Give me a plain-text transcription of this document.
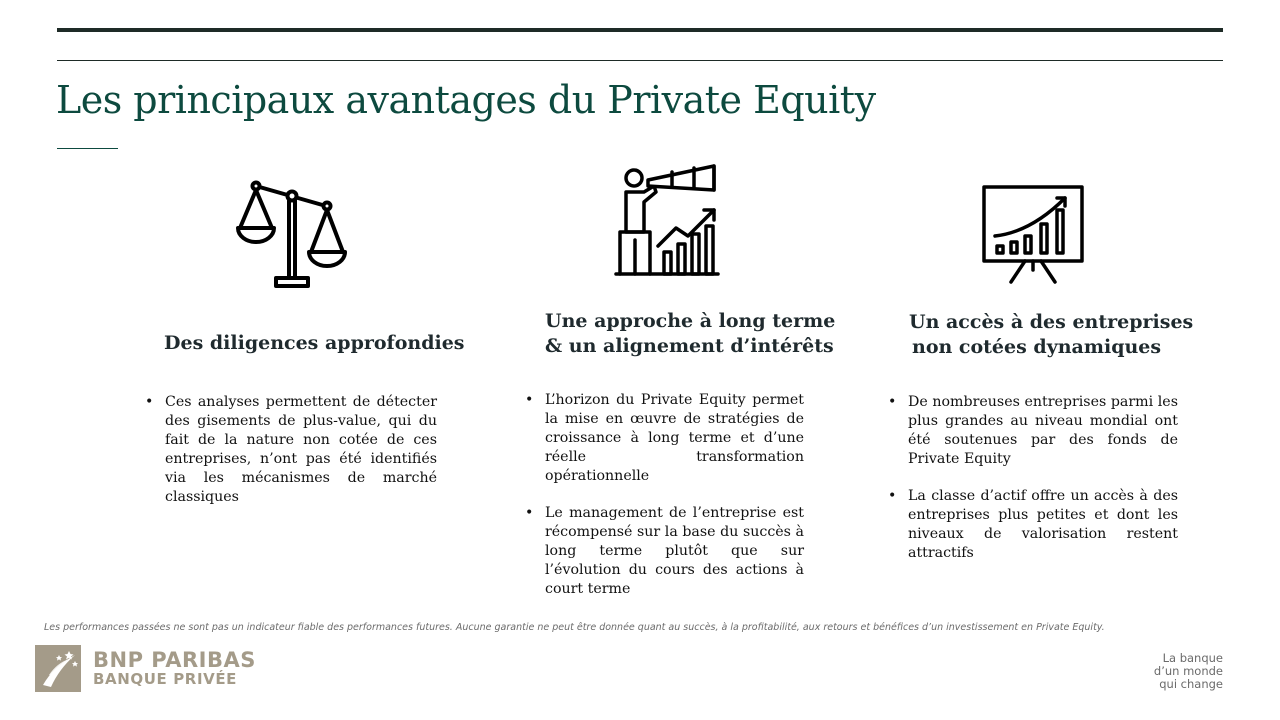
Les principaux avantages du Private Equity
Des diligences approfondies
Une approche à long terme
& un alignement d’intérêts
Un accès à des entreprises
non cotées dynamiques
• Ces analyses permettent de détecter des gisements de plus-value, qui du fait de la nature non cotée de ces entreprises, n’ont pas été identifiés via les mécanismes de marché classiques
• L’horizon du Private Equity permet la mise en œuvre de stratégies de croissance à long terme et d’une réelle transformation opérationnelle
• Le management de l’entreprise est récompensé sur la base du succès à long terme plutôt que sur l’évolution du cours des actions à court terme
• De nombreuses entreprises parmi les plus grandes au niveau mondial ont été soutenues par des fonds de Private Equity
• La classe d’actif offre un accès à des entreprises plus petites et dont les niveaux de valorisation restent attractifs
Les performances passées ne sont pas un indicateur fiable des performances futures. Aucune garantie ne peut être donnée quant au succès, à la profitabilité, aux retours et bénéfices d’un investissement en Private Equity.
BNP PARIBAS
BANQUE PRIVÉE
La banque
d’un monde
qui change
